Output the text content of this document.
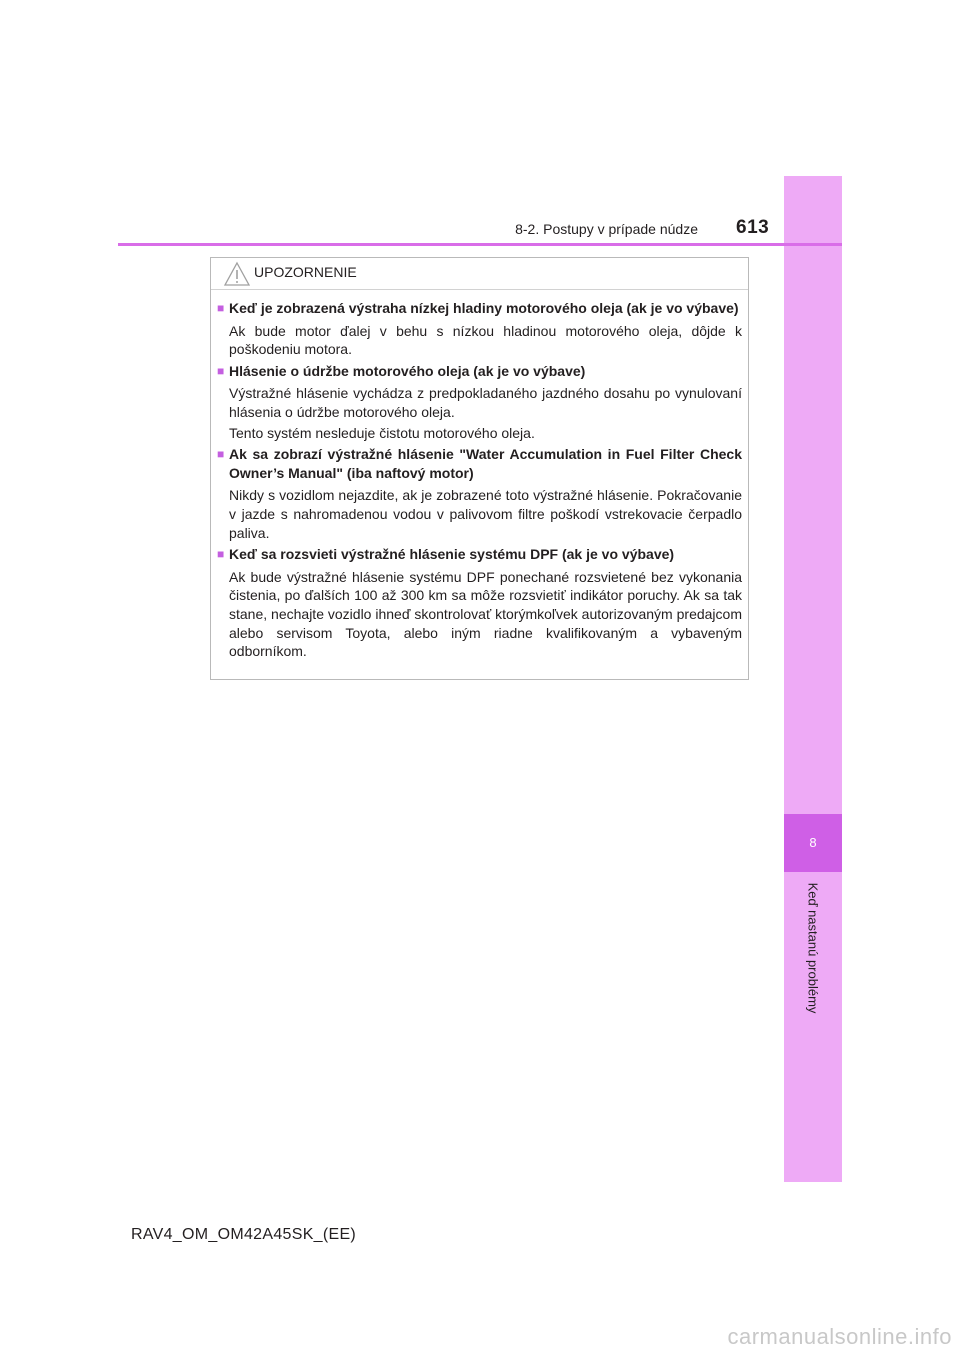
8
Keď nastanú problémy
8-2. Postupy v prípade núdze 613
UPOZORNENIE
■ Keď je zobrazená výstraha nízkej hladiny motorového oleja (ak je vo výbave)
Ak bude motor ďalej v behu s nízkou hladinou motorového oleja, dôjde k poškodeniu motora.
■ Hlásenie o údržbe motorového oleja (ak je vo výbave)
Výstražné hlásenie vychádza z predpokladaného jazdného dosahu po vynulovaní hlásenia o údržbe motorového oleja.
Tento systém nesleduje čistotu motorového oleja.
■ Ak sa zobrazí výstražné hlásenie "Water Accumulation in Fuel Filter Check Owner’s Manual" (iba naftový motor)
Nikdy s vozidlom nejazdite, ak je zobrazené toto výstražné hlásenie. Pokračovanie v jazde s nahromadenou vodou v palivovom filtre poškodí vstrekovacie čerpadlo paliva.
■ Keď sa rozsvieti výstražné hlásenie systému DPF (ak je vo výbave)
Ak bude výstražné hlásenie systému DPF ponechané rozsvietené bez vykonania čistenia, po ďalších 100 až 300 km sa môže rozsvietiť indikátor poruchy. Ak sa tak stane, nechajte vozidlo ihneď skontrolovať ktorýmkoľvek autorizovaným predajcom alebo servisom Toyota, alebo iným riadne kvalifikovaným a vybaveným odborníkom.
RAV4_OM_OM42A45SK_(EE)
carmanualsonline.info
